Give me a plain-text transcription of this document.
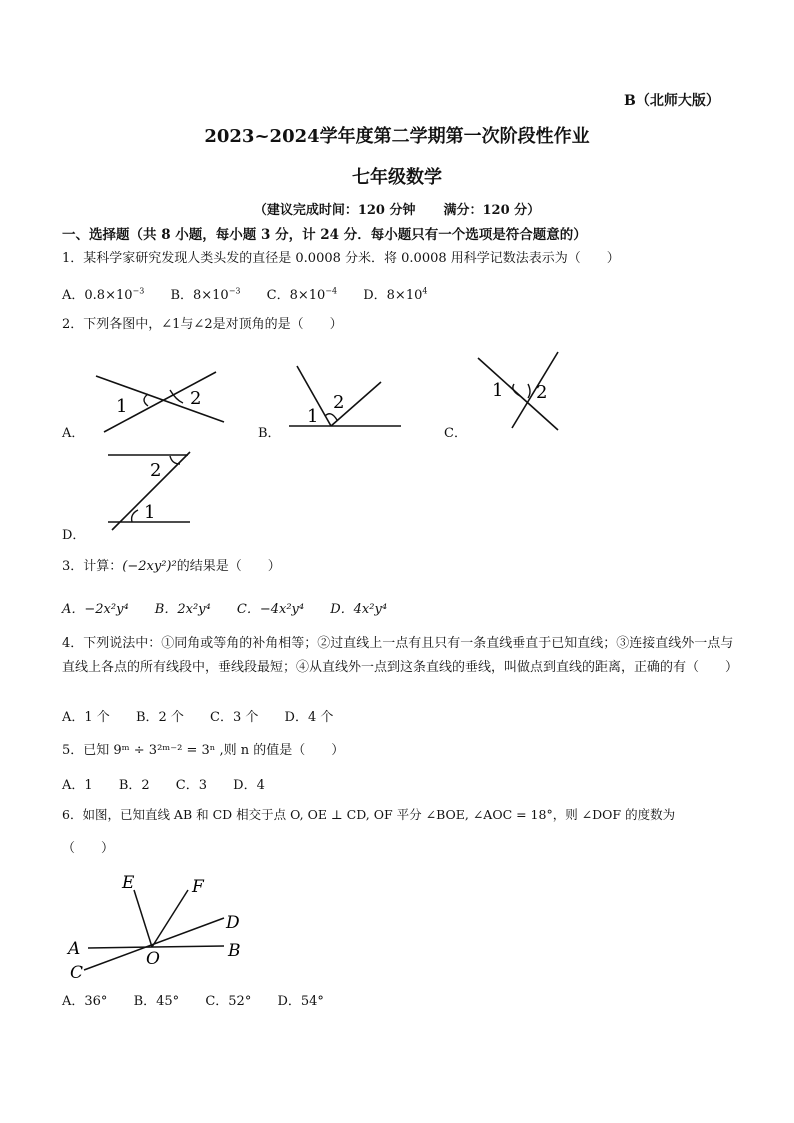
B（北师大版）
2023~2024学年度第二学期第一次阶段性作业
七年级数学
（建议完成时间：120 分钟 满分：120 分）
一、选择题（共 8 小题，每小题 3 分，计 24 分．每小题只有一个选项是符合题意的）
1．某科学家研究发现人类头发的直径是 0.0008 分米．将 0.0008 用科学记数法表示为（　　）
A．$0.8\times 10^{-3}$ B．$8\times 10^{-3}$ C．$8\times 10^{-4}$ D．$8\times 10^4$
2．下列各图中，∠1与∠2是对顶角的是（　　）
A．
1	2
B．
1
2
C．
1 2
D．
2
1
3．计算：(−2xy²)²的结果是（　　）
A．−2x²y⁴ B．2x²y⁴ C．−4x²y⁴ D．4x²y⁴
4．下列说法中：①同角或等角的补角相等；②过直线上一点有且只有一条直线垂直于已知直线；③连接直线外一点与直线上各点的所有线段中，垂线段最短；④从直线外一点到这条直线的垂线，叫做点到直线的距离，正确的有（　　）
A．1 个 B．2 个 C．3 个 D．4 个
5．已知 9ᵐ ÷ 3²ᵐ⁻² = 3ⁿ ,则 n 的值是（　　）
A．1 B．2 C．3 D．4
6．如图，已知直线 AB 和 CD 相交于点 O, OE ⊥ CD, OF 平分 ∠BOE, ∠AOC = 18°，则 ∠DOF 的度数为
（　　）
E	F
D
A	B
C
O
A．36° B．45° C．52° D．54°
